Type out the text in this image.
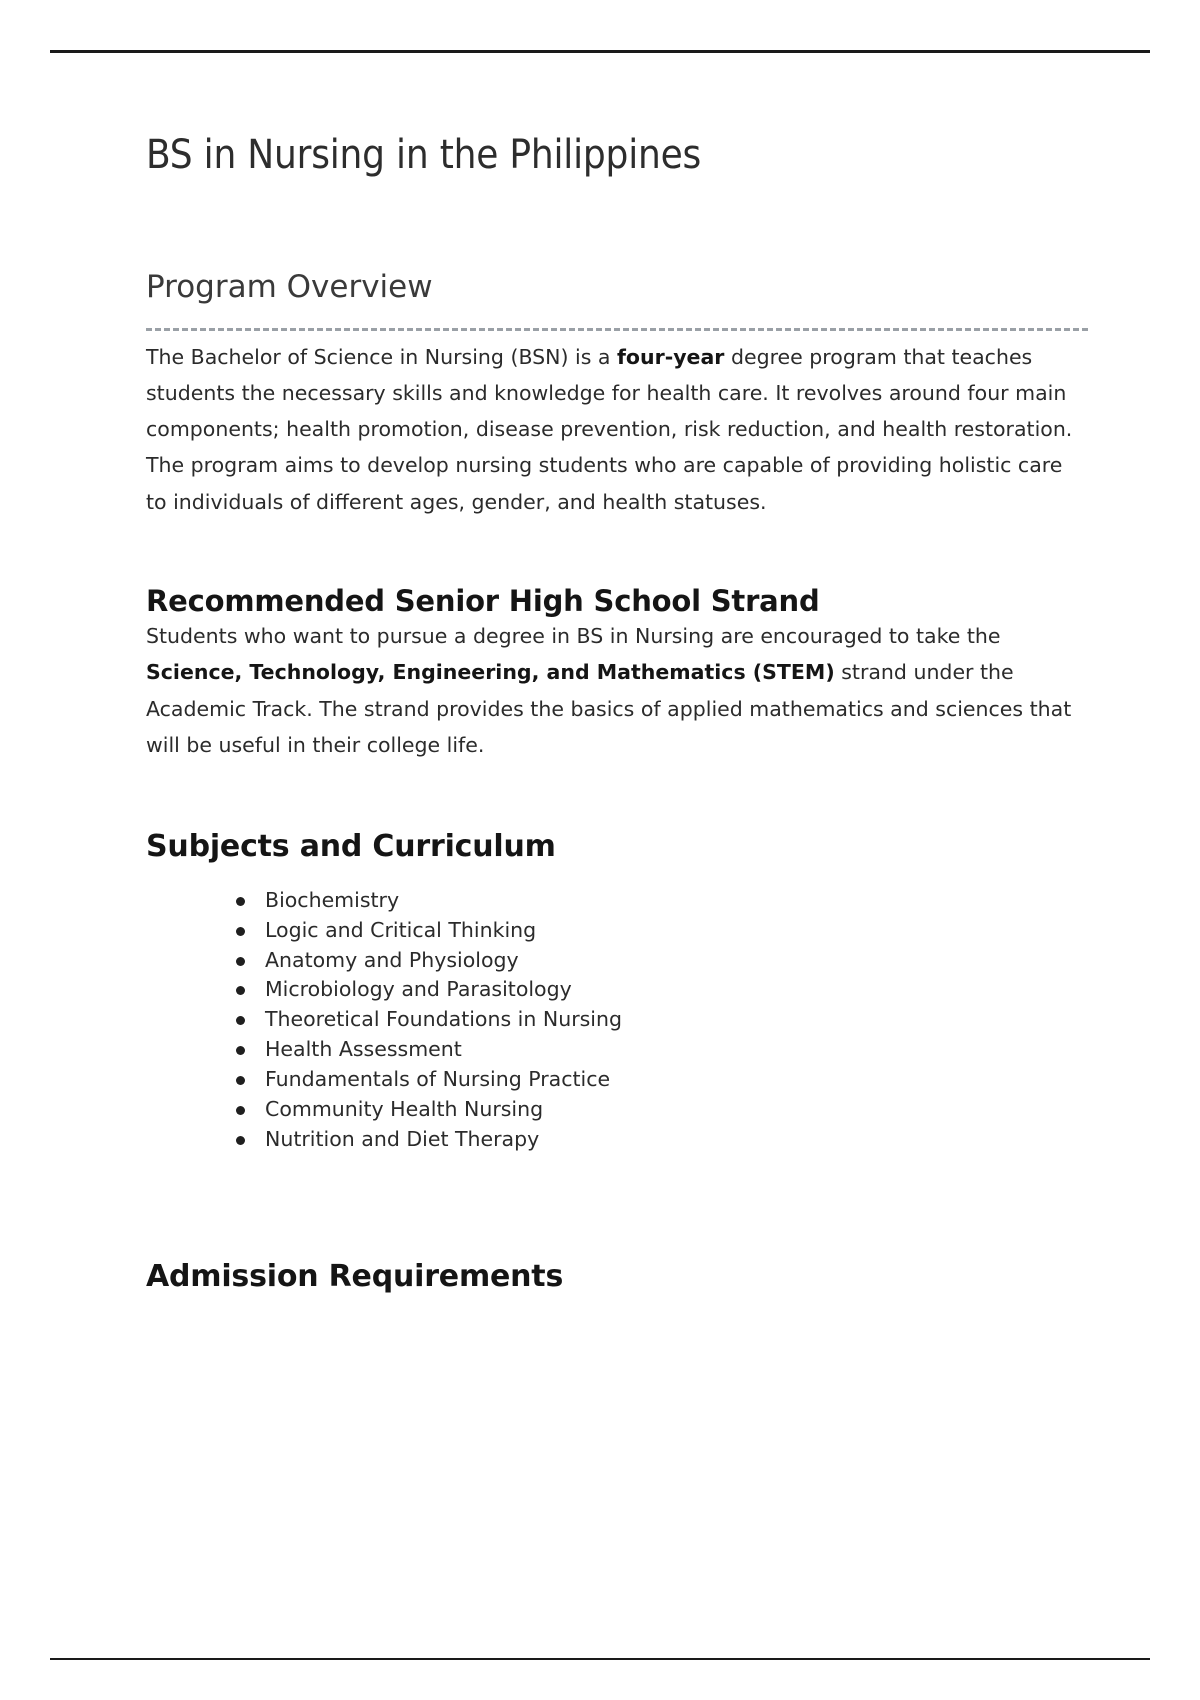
BS in Nursing in the Philippines
Program Overview

The Bachelor of Science in Nursing (BSN) is a four-year degree program that teaches students the necessary skills and knowledge for health care. It revolves around four main components; health promotion, disease prevention, risk reduction, and health restoration. The program aims to develop nursing students who are capable of providing holistic care to individuals of different ages, gender, and health statuses.

Recommended Senior High School Strand

Students who want to pursue a degree in BS in Nursing are encouraged to take the Science, Technology, Engineering, and Mathematics (STEM) strand under the Academic Track. The strand provides the basics of applied mathematics and sciences that will be useful in their college life.

Subjects and Curriculum
Biochemistry
Logic and Critical Thinking
Anatomy and Physiology
Microbiology and Parasitology
Theoretical Foundations in Nursing
Health Assessment
Fundamentals of Nursing Practice
Community Health Nursing
Nutrition and Diet Therapy
Admission Requirements
